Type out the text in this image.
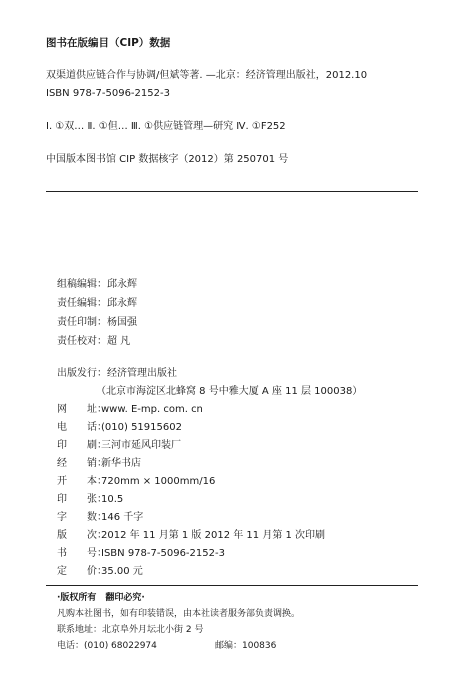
图书在版编目（CIP）数据
双渠道供应链合作与协调/但斌等著. —北京：经济管理出版社，2012.10
ISBN 978-7-5096-2152-3
Ⅰ. ①双… Ⅱ. ①但… Ⅲ. ①供应链管理—研究 Ⅳ. ①F252
中国版本图书馆 CIP 数据核字（2012）第 250701 号
组稿编辑：邱永辉
责任编辑：邱永辉
责任印制：杨国强
责任校对：超 凡
出版发行：经济管理出版社
（北京市海淀区北蜂窝 8 号中雅大厦 A 座 11 层 100038）
网　　址：www. E-mp. com. cn
电　　话：(010) 51915602
印　　刷：三河市延风印装厂
经　　销：新华书店
开　　本：720mm × 1000mm/16
印　　张：10.5
字　　数：146 千字
版　　次：2012 年 11 月第 1 版 2012 年 11 月第 1 次印刷
书　　号：ISBN 978-7-5096-2152-3
定　　价：35.00 元
·版权所有　翻印必究·
凡购本社图书，如有印装错误，由本社读者服务部负责调换。
联系地址：北京阜外月坛北小街 2 号
电话：(010) 68022974	邮编：100836
